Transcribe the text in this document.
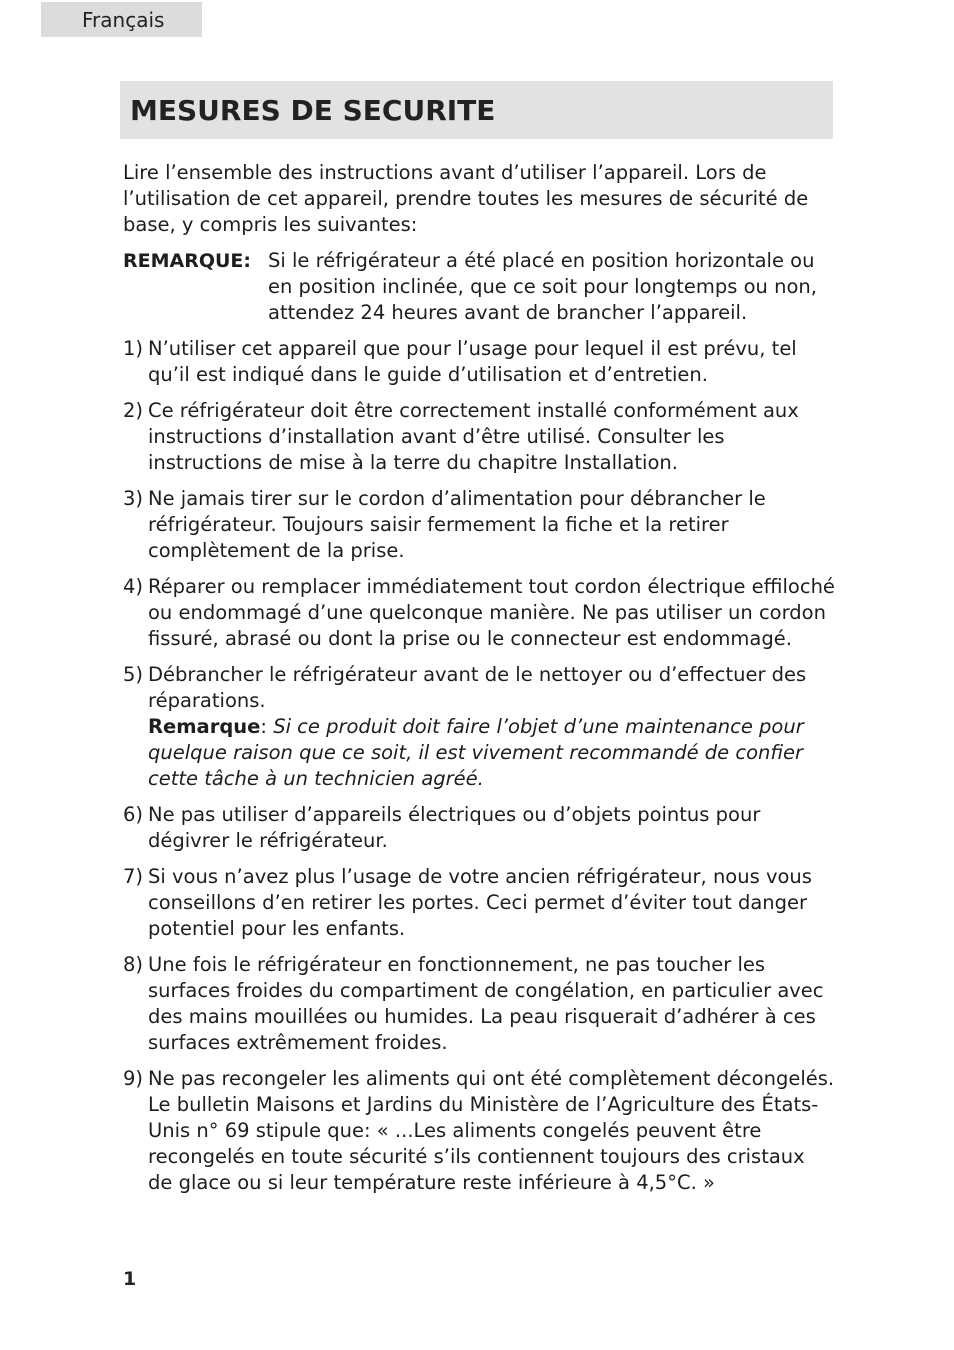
Français
MESURES DE SECURITE

Lire l’ensemble des instructions avant d’utiliser l’appareil. Lors de l’utilisation de cet appareil, prendre toutes les mesures de sécurité de base, y compris les suivantes:

REMARQUE: Si le réfrigérateur a été placé en position horizontale ou en position inclinée, que ce soit pour longtemps ou non, attendez 24 heures avant de brancher l’appareil.
1) N’utiliser cet appareil que pour l’usage pour lequel il est prévu, tel qu’il est indiqué dans le guide d’utilisation et d’entretien.

2) Ce réfrigérateur doit être correctement installé conformément aux instructions d’installation avant d’être utilisé. Consulter les instructions de mise à la terre du chapitre Installation.

3) Ne jamais tirer sur le cordon d’alimentation pour débrancher le réfrigérateur. Toujours saisir fermement la fiche et la retirer complètement de la prise.

4) Réparer ou remplacer immédiatement tout cordon électrique effiloché ou endommagé d’une quelconque manière. Ne pas utiliser un cordon fissuré, abrasé ou dont la prise ou le connecteur est endommagé.

5) Débrancher le réfrigérateur avant de le nettoyer ou d’effectuer des réparations.

Remarque: Si ce produit doit faire l’objet d’une maintenance pour quelque raison que ce soit, il est vivement recommandé de confier cette tâche à un technicien agréé.

6) Ne pas utiliser d’appareils électriques ou d’objets pointus pour dégivrer le réfrigérateur.

7) Si vous n’avez plus l’usage de votre ancien réfrigérateur, nous vous conseillons d’en retirer les portes. Ceci permet d’éviter tout danger potentiel pour les enfants.

8) Une fois le réfrigérateur en fonctionnement, ne pas toucher les surfaces froides du compartiment de congélation, en particulier avec des mains mouillées ou humides. La peau risquerait d’adhérer à ces surfaces extrêmement froides.

9) Ne pas recongeler les aliments qui ont été complètement décongelés. Le bulletin Maisons et Jardins du Ministère de l’Agriculture des États-Unis n° 69 stipule que: « ...Les aliments congelés peuvent être recongelés en toute sécurité s’ils contiennent toujours des cristaux de glace ou si leur température reste inférieure à 4,5°C. »

1
